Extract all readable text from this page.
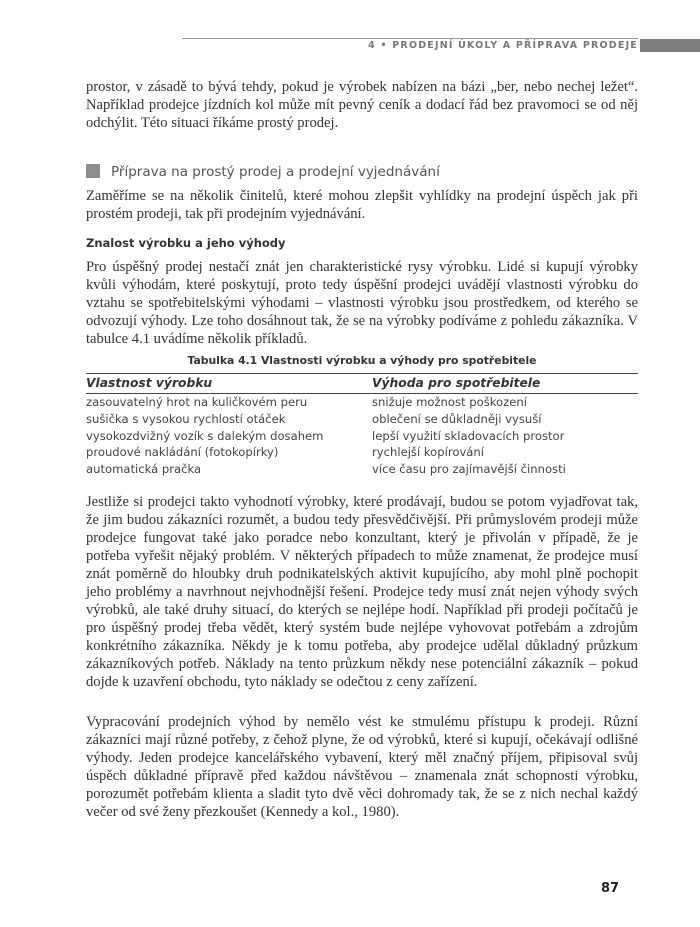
4 • PRODEJNÍ ÚKOLY A PŘÍPRAVA PRODEJE
prostor, v zásadě to bývá tehdy, pokud je výrobek nabízen na bázi „ber, nebo nechej ležet“. Například prodejce jízdních kol může mít pevný ceník a dodací řád bez pravomoci se od něj odchýlit. Této situaci říkáme prostý prodej.
Příprava na prostý prodej a prodejní vyjednávání
Zaměříme se na několik činitelů, které mohou zlepšit vyhlídky na prodejní úspěch jak při prostém prodeji, tak při prodejním vyjednávání.
Znalost výrobku a jeho výhody
Pro úspěšný prodej nestačí znát jen charakteristické rysy výrobku. Lidé si kupují výrobky kvůli výhodám, které poskytují, proto tedy úspěšní prodejci uvádějí vlastnosti výrobku do vztahu se spotřebitelskými výhodami – vlastnosti výrobku jsou prostředkem, od kterého se odvozují výhody. Lze toho dosáhnout tak, že se na výrobky podíváme z pohledu zákazníka. V tabulce 4.1 uvádíme několik příkladů.
Tabulka 4.1 Vlastnosti výrobku a výhody pro spotřebitele
Vlastnost výrobku	Výhoda pro spotřebitele
zasouvatelný hrot na kuličkovém peru	snižuje možnost poškození
sušička s vysokou rychlostí otáček	oblečení se důkladněji vysuší
vysokozdvižný vozík s dalekým dosahem	lepší využití skladovacích prostor
proudové nakládání (fotokopírky)	rychlejší kopírování
automatická pračka	více času pro zajímavější činnosti
Jestliže si prodejci takto vyhodnotí výrobky, které prodávají, budou se potom vyjadřovat tak, že jim budou zákazníci rozumět, a budou tedy přesvědčivější. Při průmyslovém prodeji může prodejce fungovat také jako poradce nebo konzultant, který je přivolán v případě, že je potřeba vyřešit nějaký problém. V některých případech to může znamenat, že prodejce musí znát poměrně do hloubky druh podnikatelských aktivit kupujícího, aby mohl plně pochopit jeho problémy a navrhnout nejvhodnější řešení. Prodejce tedy musí znát nejen výhody svých výrobků, ale také druhy situací, do kterých se nejlépe hodí. Například při prodeji počítačů je pro úspěšný prodej třeba vědět, který systém bude nejlépe vyhovovat potřebám a zdrojům konkrétního zákazníka. Někdy je k tomu potřeba, aby prodejce udělal důkladný průzkum zákazníkových potřeb. Náklady na tento průzkum někdy nese potenciální zákazník – pokud dojde k uzavření obchodu, tyto náklady se odečtou z ceny zařízení.
Vypracování prodejních výhod by nemělo vést ke stmulému přístupu k prodeji. Různí zákazníci mají různé potřeby, z čehož plyne, že od výrobků, které si kupují, očekávají odlišné výhody. Jeden prodejce kancelářského vybavení, který měl značný příjem, připisoval svůj úspěch důkladné přípravě před každou návštěvou – znamenala znát schopnosti výrobku, porozumět potřebám klienta a sladit tyto dvě věci dohromady tak, že se z nich nechal každý večer od své ženy přezkoušet (Kennedy a kol., 1980).
87
